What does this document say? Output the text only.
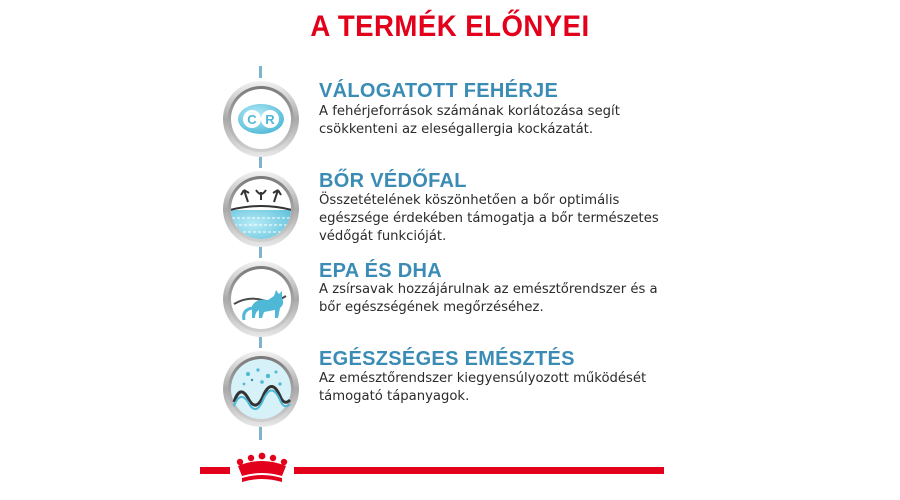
A TERMÉK ELŐNYEI
C R
VÁLOGATOTT FEHÉRJE
A fehérjeforrások számának korlátozása segít
csökkenteni az eleségallergia kockázatát.
BŐR VÉDŐFAL
Összetételének köszönhetően a bőr optimális
egészsége érdekében támogatja a bőr természetes
védőgát funkcióját.
EPA ÉS DHA
A zsírsavak hozzájárulnak az emésztőrendszer és a
bőr egészségének megőrzéséhez.
EGÉSZSÉGES EMÉSZTÉS
Az emésztőrendszer kiegyensúlyozott működését
támogató tápanyagok.
